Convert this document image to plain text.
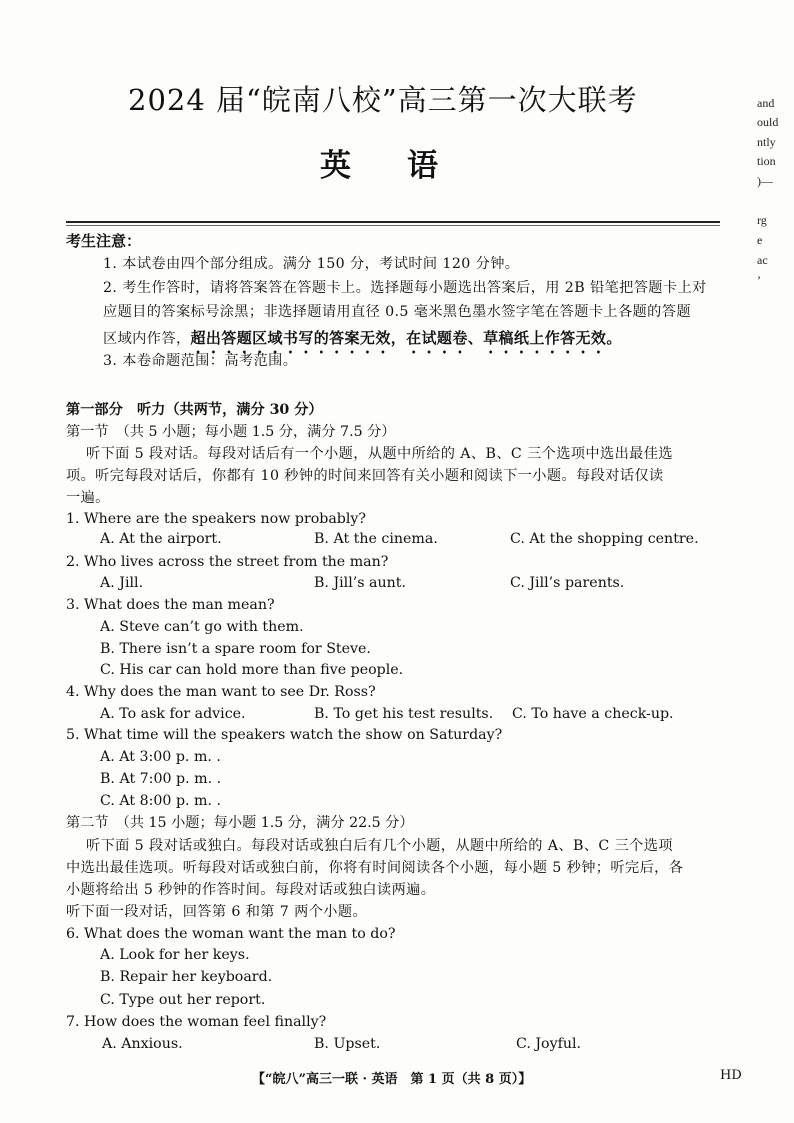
2024 届“皖南八校”高三第一次大联考
英语
and
ould
ntly
tion
)—
rg
e
ac
’
考生注意：
1. 本试卷由四个部分组成。满分 150 分，考试时间 120 分钟。
2. 考生作答时，请将答案答在答题卡上。选择题每小题选出答案后，用 2B 铅笔把答题卡上对
应题目的答案标号涂黑；非选择题请用直径 0.5 毫米黑色墨水签字笔在答题卡上各题的答题
区域内作答，超出答题区域书写的答案无效，在试题卷、草稿纸上作答无效。
3. 本卷命题范围：高考范围。
第一部分　听力（共两节，满分 30 分）
第一节　（共 5 小题；每小题 1.5 分，满分 7.5 分）
听下面 5 段对话。每段对话后有一个小题，从题中所给的 A、B、C 三个选项中选出最佳选
项。听完每段对话后，你都有 10 秒钟的时间来回答有关小题和阅读下一小题。每段对话仅读
一遍。
1. Where are the speakers now probably?
A. At the airport.	B. At the cinema.	C. At the shopping centre.
2. Who lives across the street from the man?
A. Jill.	B. Jill’s aunt.	C. Jill’s parents.
3. What does the man mean?
A. Steve can’t go with them.
B. There isn’t a spare room for Steve.
C. His car can hold more than five people.
4. Why does the man want to see Dr. Ross?
A. To ask for advice.	B. To get his test results. C. To have a check-up.
5. What time will the speakers watch the show on Saturday?
A. At 3:00 p. m. .
B. At 7:00 p. m. .
C. At 8:00 p. m. .
第二节　（共 15 小题；每小题 1.5 分，满分 22.5 分）
听下面 5 段对话或独白。每段对话或独白后有几个小题，从题中所给的 A、B、C 三个选项
中选出最佳选项。听每段对话或独白前，你将有时间阅读各个小题，每小题 5 秒钟；听完后，各
小题将给出 5 秒钟的作答时间。每段对话或独白读两遍。
听下面一段对话，回答第 6 和第 7 两个小题。
6. What does the woman want the man to do?
A. Look for her keys.
B. Repair her keyboard.
C. Type out her report.
7. How does the woman feel finally?
A. Anxious.	B. Upset.	C. Joyful.
【“皖八”高三一联 · 英语　第 1 页（共 8 页）】	HD
